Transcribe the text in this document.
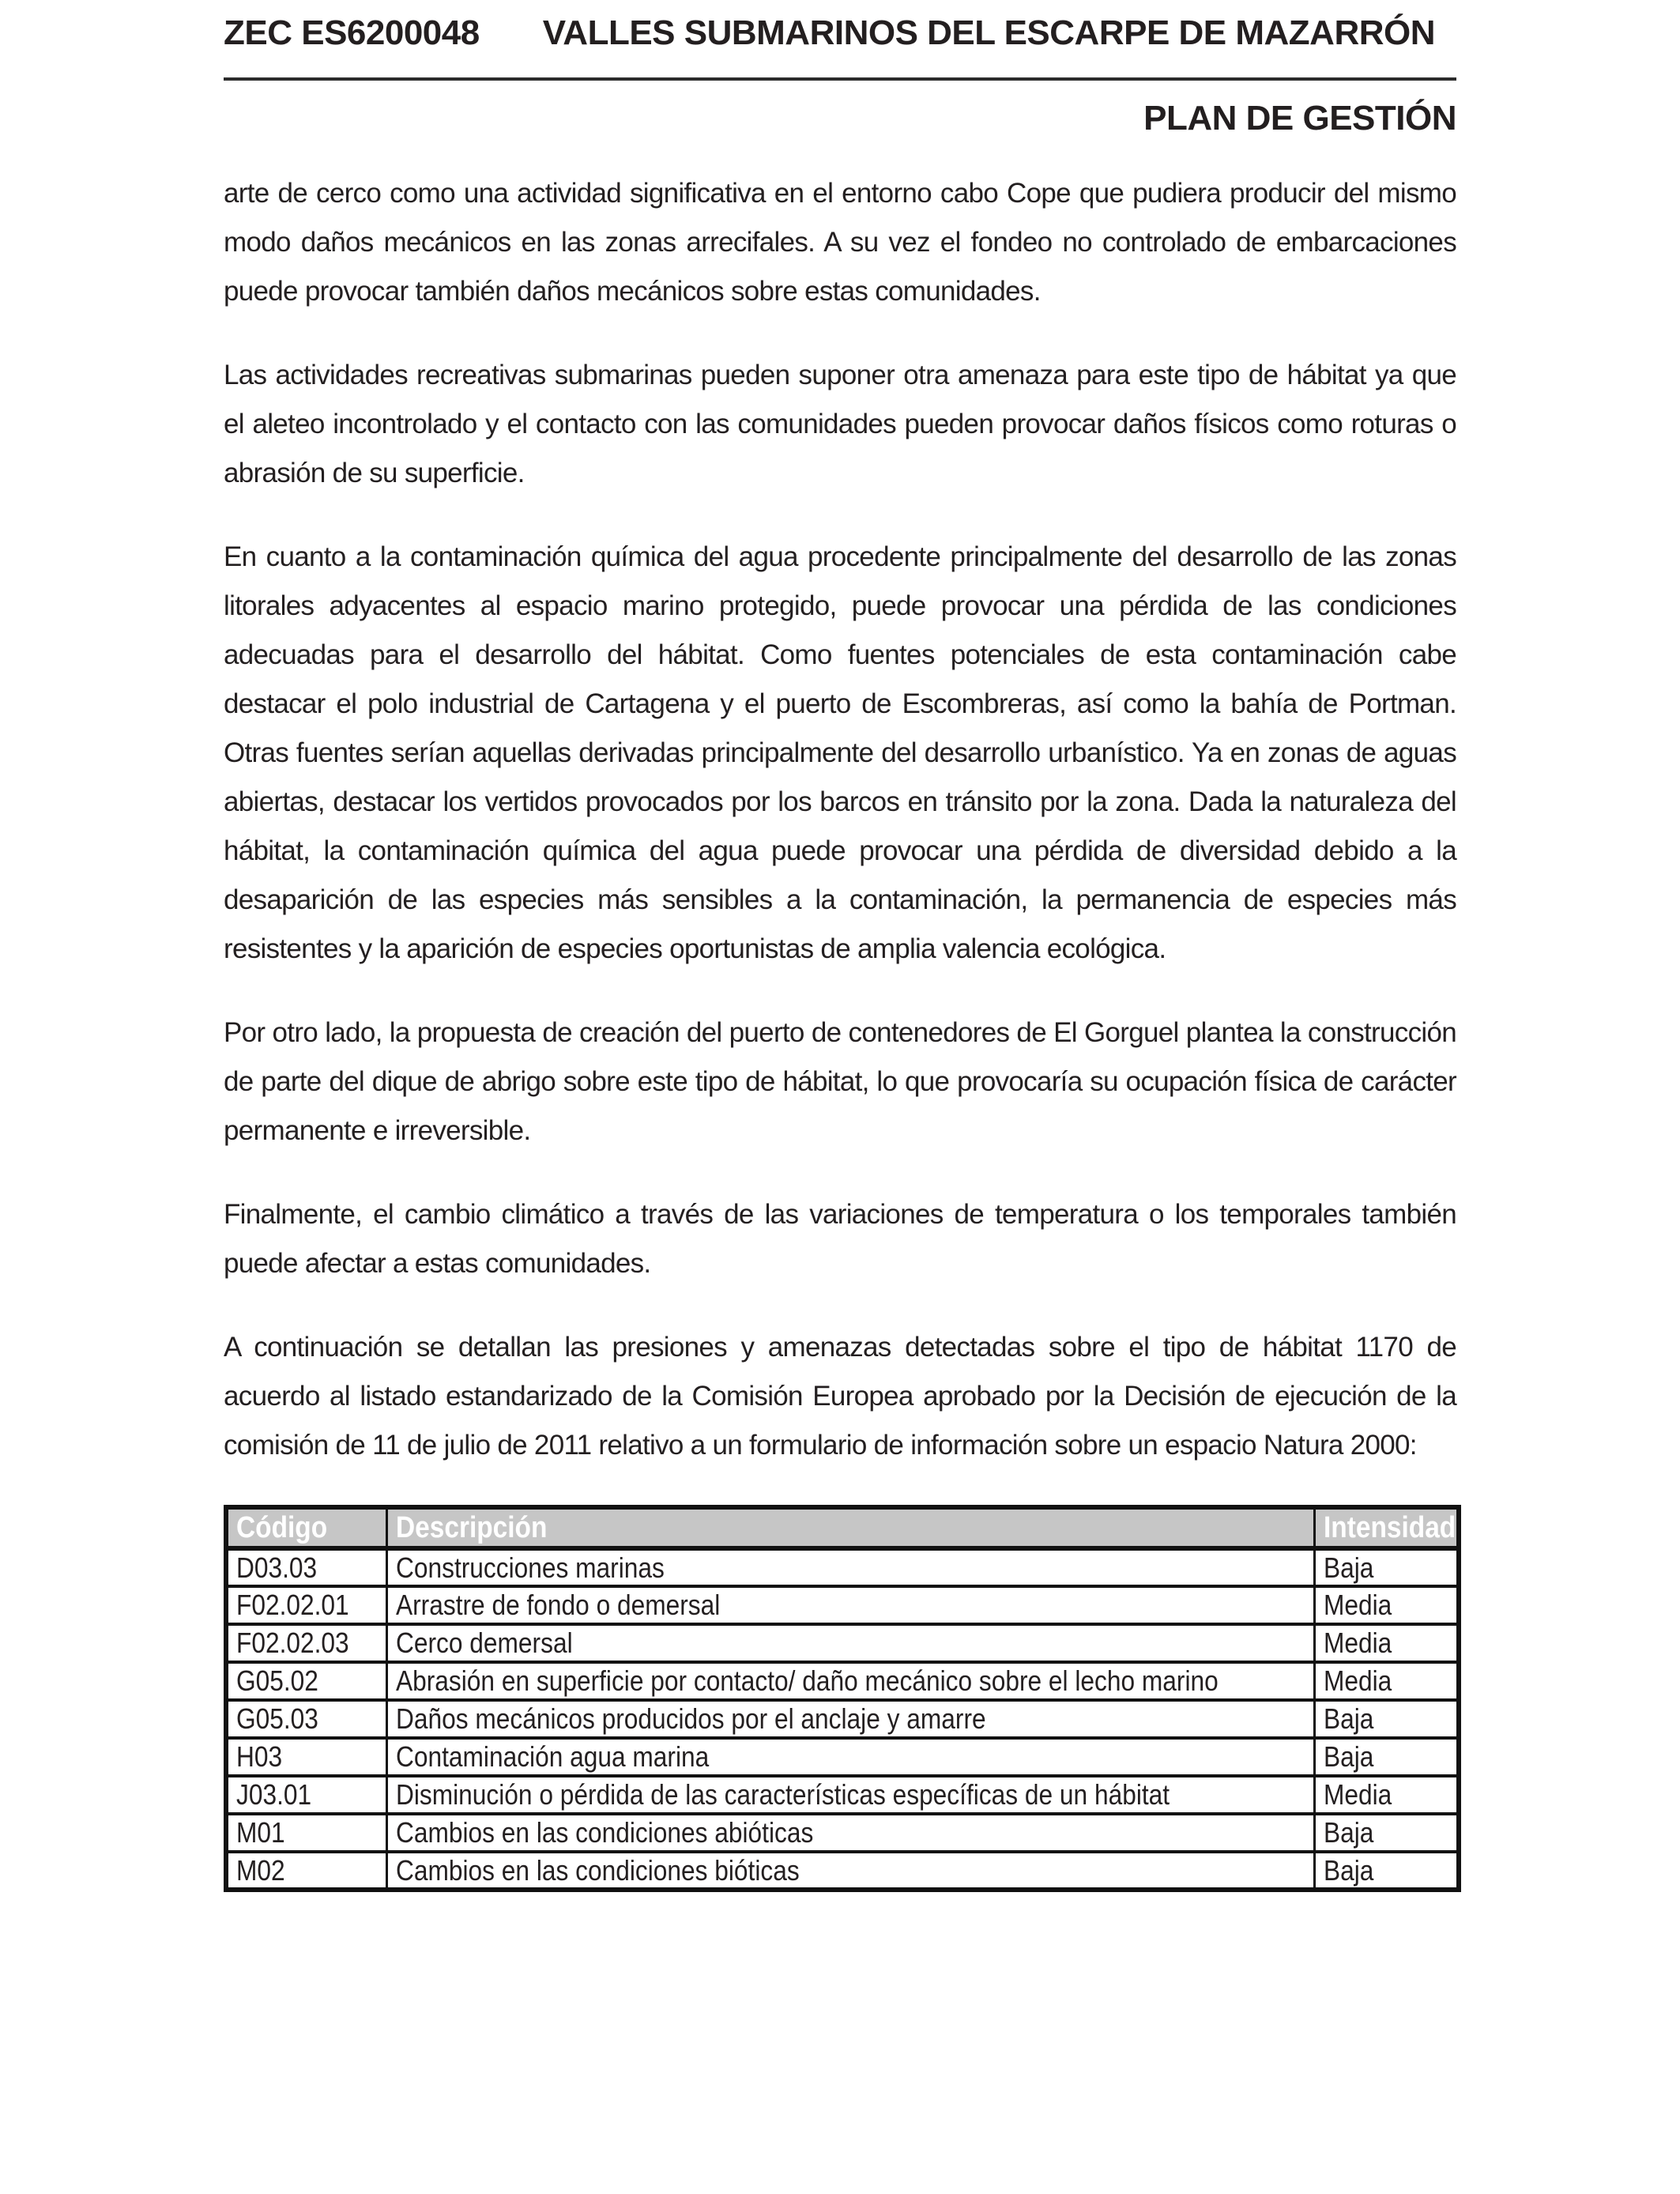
ZEC ES6200048 VALLES SUBMARINOS DEL ESCARPE DE MAZARRÓN
PLAN DE GESTIÓN

arte de cerco como una actividad significativa en el entorno cabo Cope que pudiera producir del mismo modo daños mecánicos en las zonas arrecifales. A su vez el fondeo no controlado de embarcaciones puede provocar también daños mecánicos sobre estas comunidades.

Las actividades recreativas submarinas pueden suponer otra amenaza para este tipo de hábitat ya que el aleteo incontrolado y el contacto con las comunidades pueden provocar daños físicos como roturas o abrasión de su superficie.

En cuanto a la contaminación química del agua procedente principalmente del desarrollo de las zonas litorales adyacentes al espacio marino protegido, puede provocar una pérdida de las condiciones adecuadas para el desarrollo del hábitat. Como fuentes potenciales de esta contaminación cabe destacar el polo industrial de Cartagena y el puerto de Escombreras, así como la bahía de Portman. Otras fuentes serían aquellas derivadas principalmente del desarrollo urbanístico. Ya en zonas de aguas abiertas, destacar los vertidos provocados por los barcos en tránsito por la zona. Dada la naturaleza del hábitat, la contaminación química del agua puede provocar una pérdida de diversidad debido a la desaparición de las especies más sensibles a la contaminación, la permanencia de especies más resistentes y la aparición de especies oportunistas de amplia valencia ecológica.

Por otro lado, la propuesta de creación del puerto de contenedores de El Gorguel plantea la construcción de parte del dique de abrigo sobre este tipo de hábitat, lo que provocaría su ocupación física de carácter permanente e irreversible.

Finalmente, el cambio climático a través de las variaciones de temperatura o los temporales también puede afectar a estas comunidades.

A continuación se detallan las presiones y amenazas detectadas sobre el tipo de hábitat 1170 de acuerdo al listado estandarizado de la Comisión Europea aprobado por la Decisión de ejecución de la comisión de 11 de julio de 2011 relativo a un formulario de información sobre un espacio Natura 2000:

Código	Descripción	Intensidad
D03.03	Construcciones marinas	Baja
F02.02.01	Arrastre de fondo o demersal	Media
F02.02.03	Cerco demersal	Media
G05.02	Abrasión en superficie por contacto/ daño mecánico sobre el lecho marino	Media
G05.03	Daños mecánicos producidos por el anclaje y amarre	Baja
H03	Contaminación agua marina	Baja
J03.01	Disminución o pérdida de las características específicas de un hábitat	Media
M01	Cambios en las condiciones abióticas	Baja
M02	Cambios en las condiciones bióticas	Baja
